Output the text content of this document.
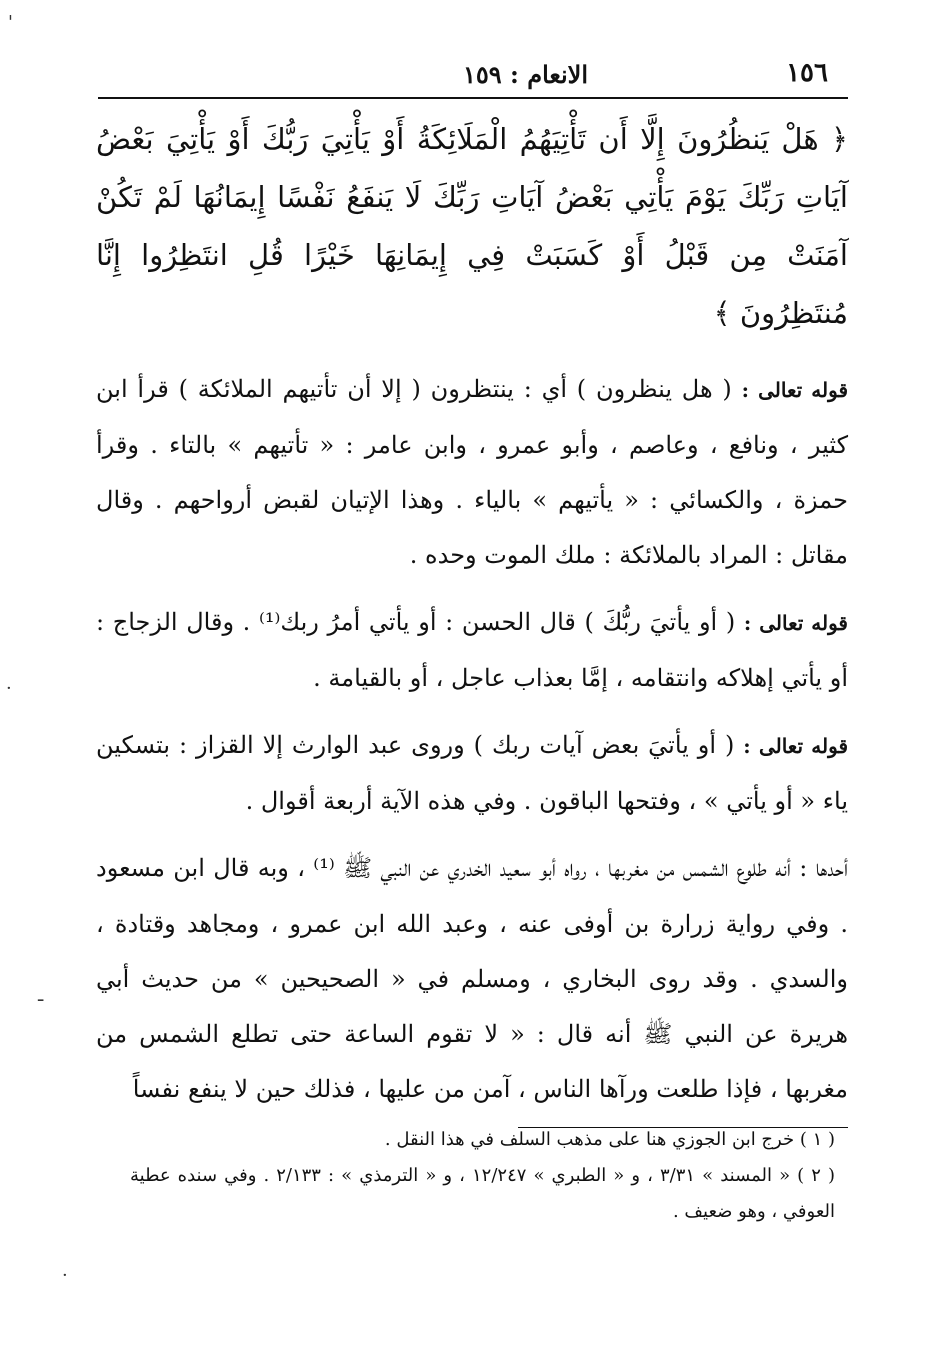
١٥٦
الانعام : ١٥٩

﴿ هَلْ يَنظُرُونَ إِلَّا أَن تَأْتِيَهُمُ الْمَلَائِكَةُ أَوْ يَأْتِيَ رَبُّكَ أَوْ يَأْتِيَ بَعْضُ آيَاتِ رَبِّكَ يَوْمَ يَأْتِي بَعْضُ آيَاتِ رَبِّكَ لَا يَنفَعُ نَفْسًا إِيمَانُهَا لَمْ تَكُنْ آمَنَتْ مِن قَبْلُ أَوْ كَسَبَتْ فِي إِيمَانِهَا خَيْرًا قُلِ انتَظِرُوا إِنَّا مُنتَظِرُونَ ﴾

قوله تعالى : ( هل ينظرون ) أي : ينتظرون ( إلا أن تأتيهم الملائكة ) قرأ ابن كثير ، ونافع ، وعاصم ، وأبو عمرو ، وابن عامر : « تأتيهم » بالتاء . وقرأ حمزة ، والكسائي : « يأتيهم » بالياء . وهذا الإتيان لقبض أرواحهم . وقال مقاتل : المراد بالملائكة : ملك الموت وحده .

قوله تعالى : ( أو يأتيَ ربُّكَ ) قال الحسن : أو يأتي أمرُ ربك⁽¹⁾ . وقال الزجاج : أو يأتي إهلاكه وانتقامه ، إمَّا بعذاب عاجل ، أو بالقيامة .

قوله تعالى : ( أو يأتيَ بعض آيات ربك ) وروى عبد الوارث إلا القزاز : بتسكين ياء « أو يأتي » ، وفتحها الباقون . وفي هذه الآية أربعة أقوال .

أحدها : أنه طلوع الشمس من مغربها ، رواه أبو سعيد الخدري عن النبي ﷺ ⁽¹⁾ ، وبه قال ابن مسعود . وفي رواية زرارة بن أوفى عنه ، وعبد الله ابن عمرو ، ومجاهد وقتادة ، والسدي . وقد روى البخاري ، ومسلم في « الصحيحين » من حديث أبي هريرة عن النبي ﷺ أنه قال : « لا تقوم الساعة حتى تطلع الشمس من مغربها ، فإذا طلعت ورآها الناس ، آمن من عليها ، فذلك حين لا ينفع نفساً

( ١ ) خرج ابن الجوزي هنا على مذهب السلف في هذا النقل .

( ٢ ) « المسند » ٣/٣١ ، و « الطبري » ١٢/٢٤٧ ، و « الترمذي » : ٢/١٣٣ . وفي سنده عطية العوفي ، وهو ضعيف .

'
·
ـ
·
